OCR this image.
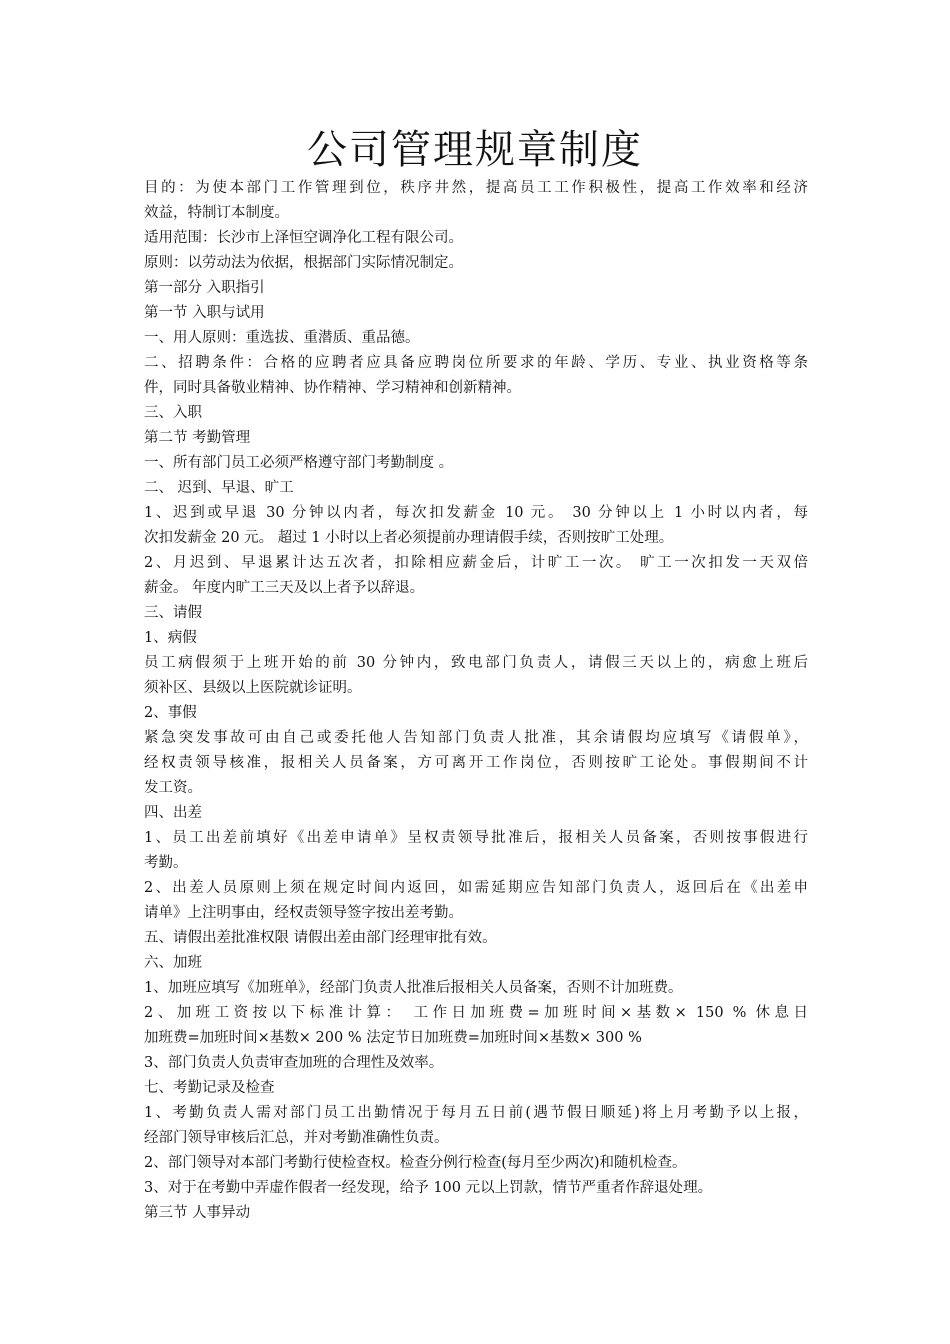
公司管理规章制度
目的：为使本部门工作管理到位，秩序井然，提高员工工作积极性，提高工作效率和经济
效益，特制订本制度。
适用范围：长沙市上泽恒空调净化工程有限公司。
原则：以劳动法为依据，根据部门实际情况制定。
第一部分 入职指引
第一节 入职与试用
一、用人原则：重选拔、重潜质、重品德。
二、招聘条件：合格的应聘者应具备应聘岗位所要求的年龄、学历、专业、执业资格等条
件，同时具备敬业精神、协作精神、学习精神和创新精神。
三、入职
第二节 考勤管理
一、所有部门员工必须严格遵守部门考勤制度 。
二、 迟到、早退、旷工
1、迟到或早退 30 分钟以内者，每次扣发薪金 10 元。 30 分钟以上 1 小时以内者，每
次扣发薪金 20 元。 超过 1 小时以上者必须提前办理请假手续，否则按旷工处理。
2、月迟到、早退累计达五次者，扣除相应薪金后，计旷工一次。 旷工一次扣发一天双倍
薪金。 年度内旷工三天及以上者予以辞退。
三、请假
1、病假
员工病假须于上班开始的前 30 分钟内，致电部门负责人，请假三天以上的，病愈上班后
须补区、县级以上医院就诊证明。
2、事假
紧急突发事故可由自己或委托他人告知部门负责人批准，其余请假均应填写《请假单》，
经权责领导核准，报相关人员备案，方可离开工作岗位，否则按旷工论处。事假期间不计
发工资。
四、出差
1、员工出差前填好《出差申请单》呈权责领导批准后，报相关人员备案，否则按事假进行
考勤。
2、出差人员原则上须在规定时间内返回，如需延期应告知部门负责人，返回后在《出差申
请单》上注明事由，经权责领导签字按出差考勤。
五、请假出差批准权限 请假出差由部门经理审批有效。
六、加班
1、加班应填写《加班单》，经部门负责人批准后报相关人员备案，否则不计加班费。
2、加班工资按以下标准计算： 工作日加班费=加班时间×基数× 150 % 休息日
加班费=加班时间×基数× 200 % 法定节日加班费=加班时间×基数× 300 %
3、部门负责人负责审查加班的合理性及效率。
七、考勤记录及检查
1、考勤负责人需对部门员工出勤情况于每月五日前(遇节假日顺延)将上月考勤予以上报，
经部门领导审核后汇总，并对考勤准确性负责。
2、部门领导对本部门考勤行使检查权。检查分例行检查(每月至少两次)和随机检查。
3、对于在考勤中弄虚作假者一经发现，给予 100 元以上罚款，情节严重者作辞退处理。
第三节 人事异动
